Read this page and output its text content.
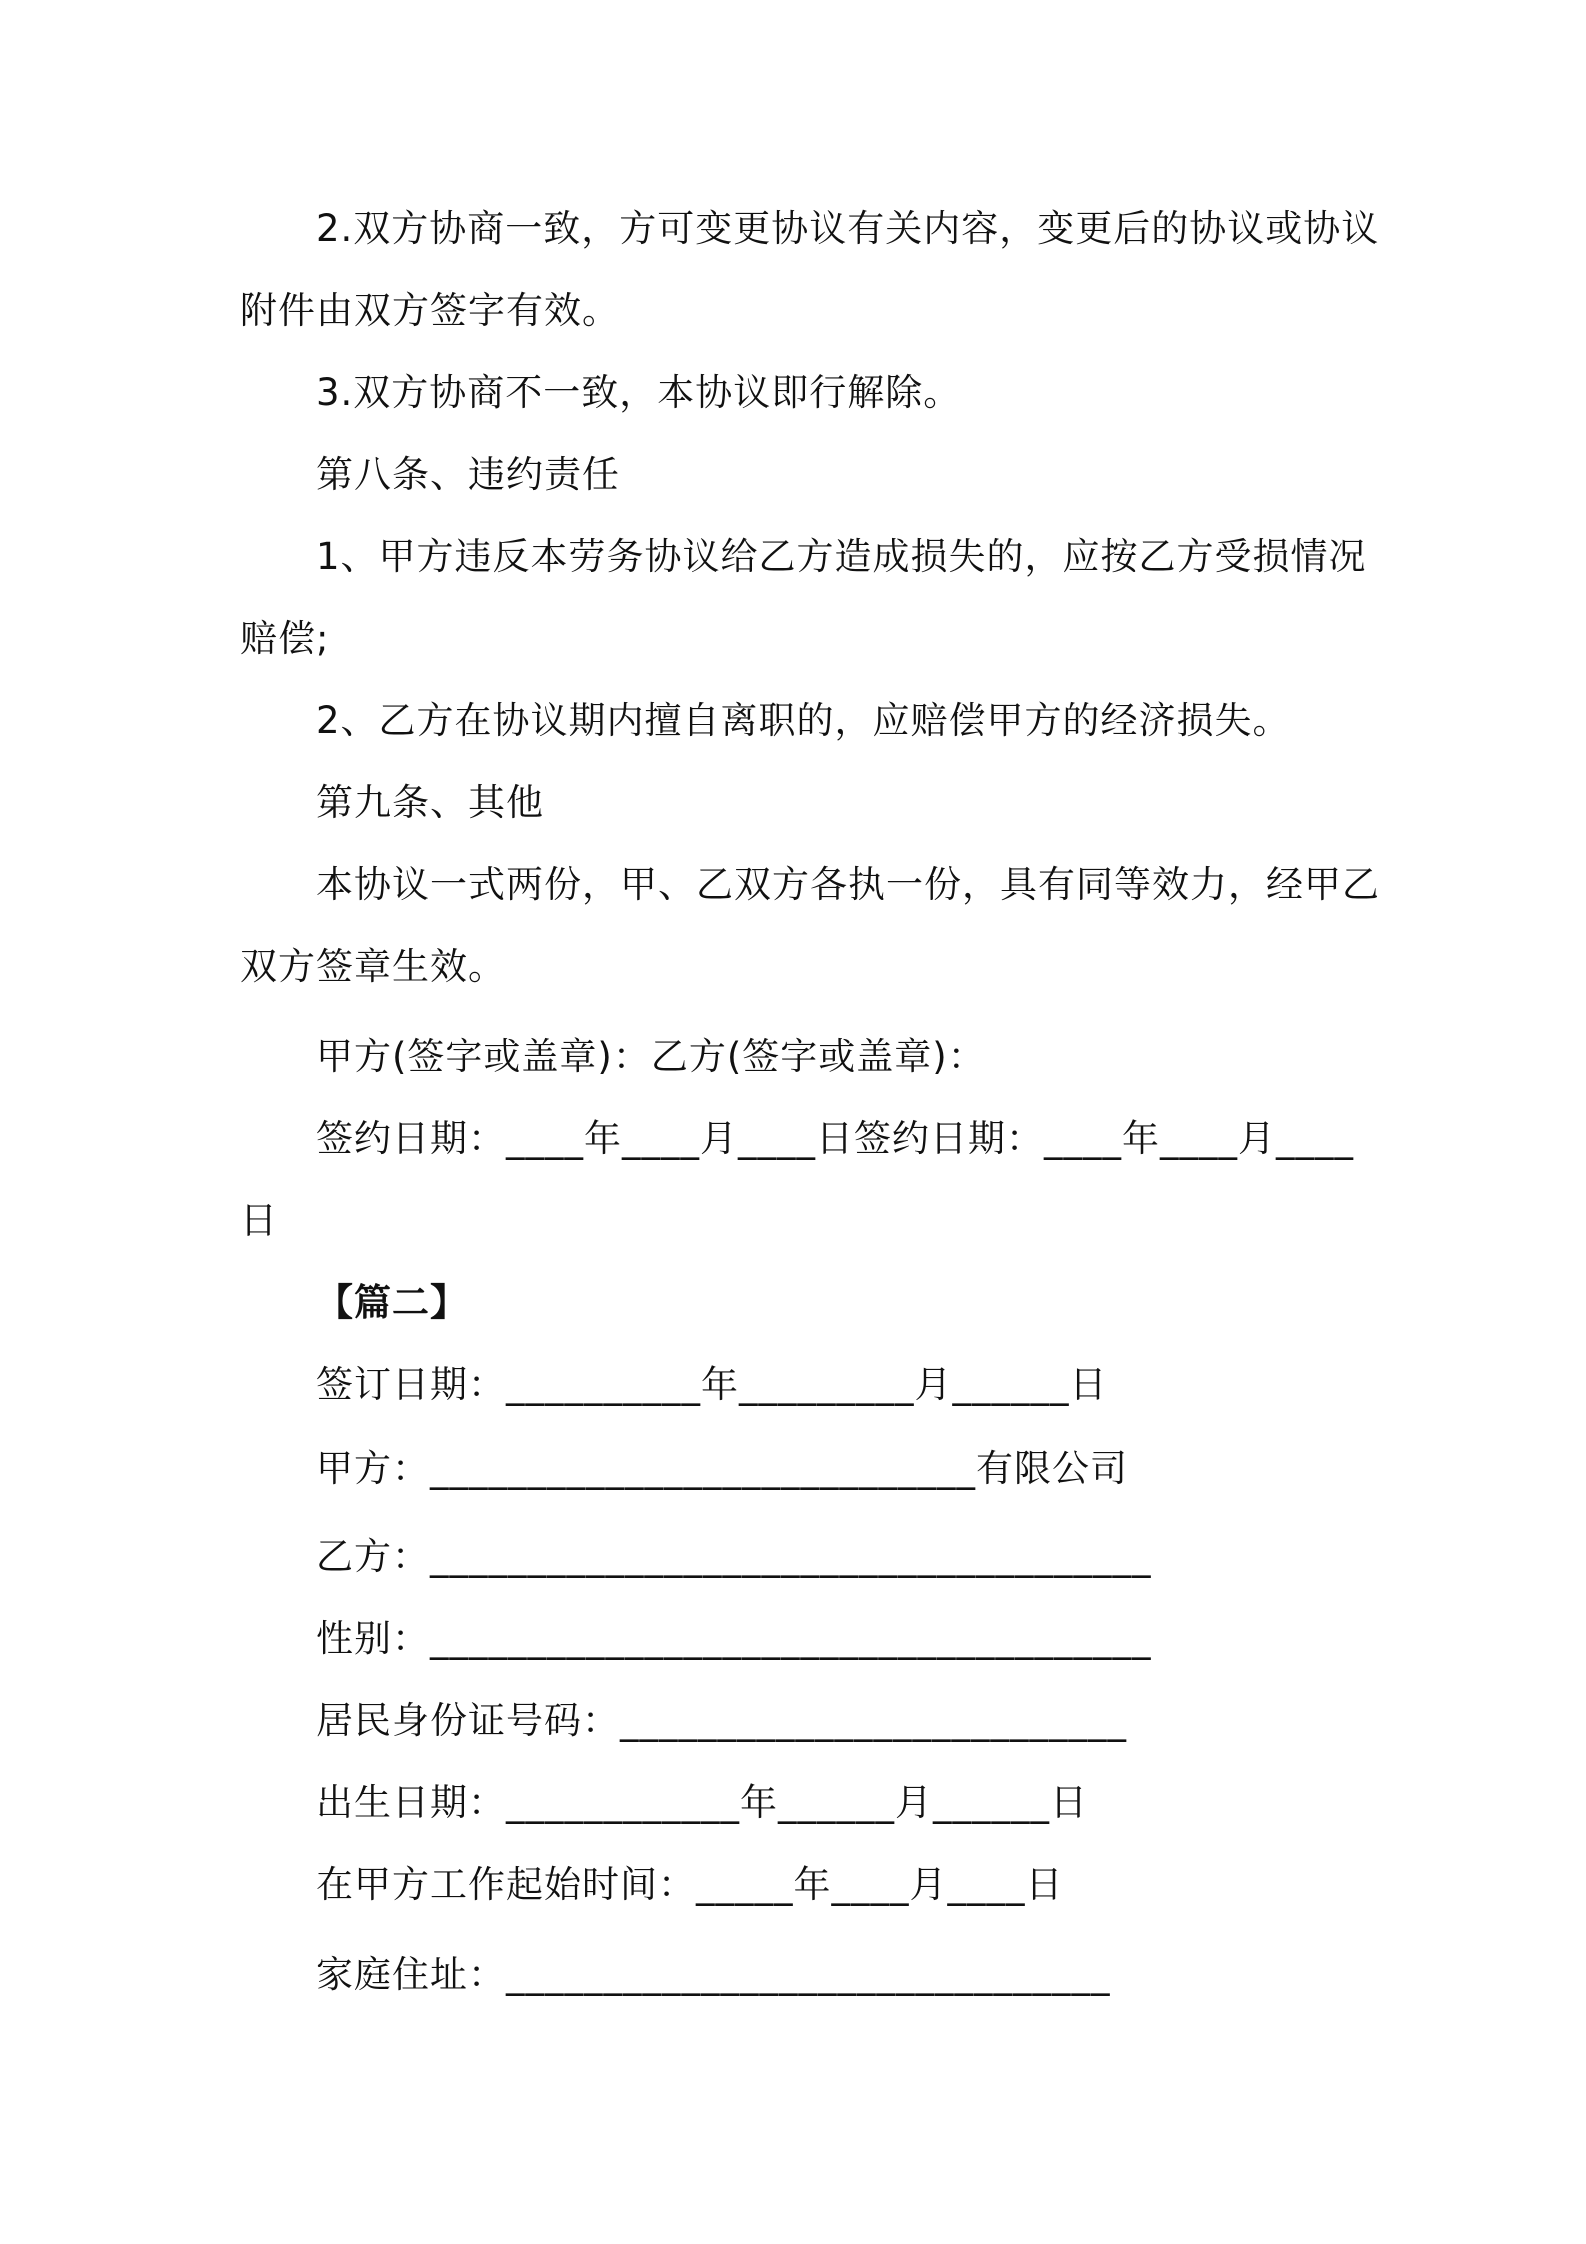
2.双方协商一致，方可变更协议有关内容，变更后的协议或协议
附件由双方签字有效。
3.双方协商不一致，本协议即行解除。
第八条、违约责任
1、甲方违反本劳务协议给乙方造成损失的，应按乙方受损情况
赔偿;
2、乙方在协议期内擅自离职的，应赔偿甲方的经济损失。
第九条、其他
本协议一式两份，甲、乙双方各执一份，具有同等效力，经甲乙
双方签章生效。
甲方(签字或盖章)：乙方(签字或盖章)：
签约日期：____年____月____日签约日期：____年____月____
日
【篇二】
签订日期：__________年_________月______日
甲方：____________________________有限公司
乙方：_____________________________________
性别：_____________________________________
居民身份证号码：__________________________
出生日期：____________年______月______日
在甲方工作起始时间：_____年____月____日
家庭住址：_______________________________
